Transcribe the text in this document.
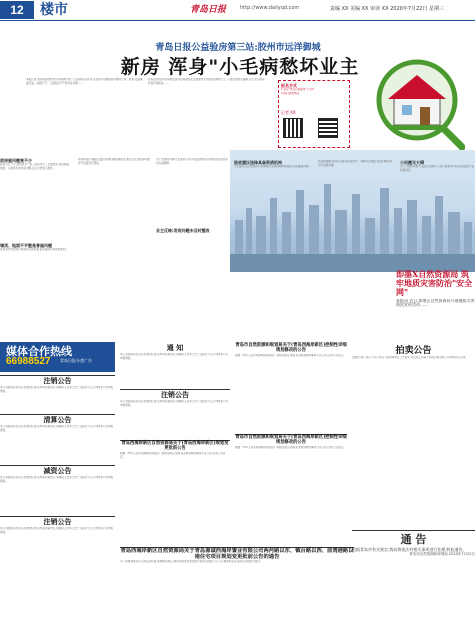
12	楼市	青岛日报	http://www.dailyqd.com	责编 XX 美编 XX 审读 XX 2020年7月22日 星期三
青岛日报公益验房第三站:胶州市远洋御城
新房 浑身"小毛病愁坏业主
本报记者 验房师到胶州市远洋御城开展了公益验房活动,对业主收房中遇到的问题进行逐一检查,发现墙面空鼓、地面不平、门窗密封不严等多处问题……
在验房过程中,验房师发现多处墙面存在空鼓现象,阳台地面找坡不当、门窗安装存在缝隙,业主表示收房时需仔细检查……	报名方式
1.关注"青岛日报楼市"公众号
2.拨打新闻热线
记者 XX
原房屋问题亮不少
验房当日下午,验房师对一套三居室进行了全面检查,发现墙面、地面、门窗等多处存在问题,业主对此表示担忧。
墙顶、地面不平整是普遍问题
在检查中发现客厅地面存在高低差,卧室墙面有明显的裂纹。
验房师指出,墙面空鼓会影响后期装修质量,建议业主在收房时要求开发商进行整改。
对于发现的问题,开发商表示将尽快安排整改,并承诺在规定时间内完成维修。
业主反映:发现问题未及时整改
验收建议选择具备资质机构
专家建议,业主收房时可以聘请专业验房师协助检查,以免遗漏问题。
验房师提醒,收房时应重点检查防水、管道以及电路,发现问题及时与开发商沟通。
小问题无大碍
对于出现的问题,开发商已安排专人进行处理,并对业主的反馈予以积极回应。
即墨X自然资源局 筑牢地质灾害防治"安全网"
本报讯 近日,即墨区自然资源局开展地质灾害防治宣传活动……
媒体合作热线
66988527 青岛日报分类广告
注销公告
本公司经股东会决议,拟向登记机关申请注销登记,请债权人自本公告之日起四十五日内向本公司申报债权。
清算公告
本公司经股东会决议,拟向登记机关申请注销登记,请债权人自本公告之日起四十五日内向本公司申报债权。
减资公告
本公司经股东会决议,拟向登记机关申请注销登记,请债权人自本公告之日起四十五日内向本公司申报债权。
注销公告
本公司经股东会决议,拟向登记机关申请注销登记,请债权人自本公告之日起四十五日内向本公司申报债权。
通 知
本公司经股东会决议,拟向登记机关申请注销登记,请债权人自本公告之日起四十五日内向本公司申报债权。
注销公告
本公司经股东会决议,拟向登记机关申请注销登记,请债权人自本公告之日起四十五日内向本公司申报债权。
青岛西海岸新区自然资源局关于(青岛西海岸新区)规划变更批前公告
根据《中华人民共和国城乡规划法》等相关规定,现将有关规划修改事项予以公告,征求公众意见。
青岛市自然资源和规划局关于(青岛西海岸新区)控制性详细规划修改的公告
根据《中华人民共和国城乡规划法》等相关规定,现将有关规划修改事项予以公告,征求公众意见。
青岛市自然资源和规划局关于(青岛西海岸新区)控制性详细规划修改的公告
根据《中华人民共和国城乡规划法》等相关规定,现将有关规划修改事项予以公告,征求公众意见。
拍卖公告
受委托,我公司定于近日对以下标的物进行公开拍卖,有意竞买者请于拍卖会前到我公司办理竞买手续。
青岛西海岸新区自然资源局关于青岛源诚西海岸置业有限公司两河路以东、镇台路以西、前湾港路以南住宅项目规划变更批前公告的通告
为了保障利害关系人的合法权益,依据相关规定,现将该项目规划变更方案进行批前公示,公示期间如有意见请以书面形式提出。
通 告
根据青岛市有关规定,我局将依法对相关事项进行处理,特此通告。
青岛市自然资源和规划局 2020年7月22日
